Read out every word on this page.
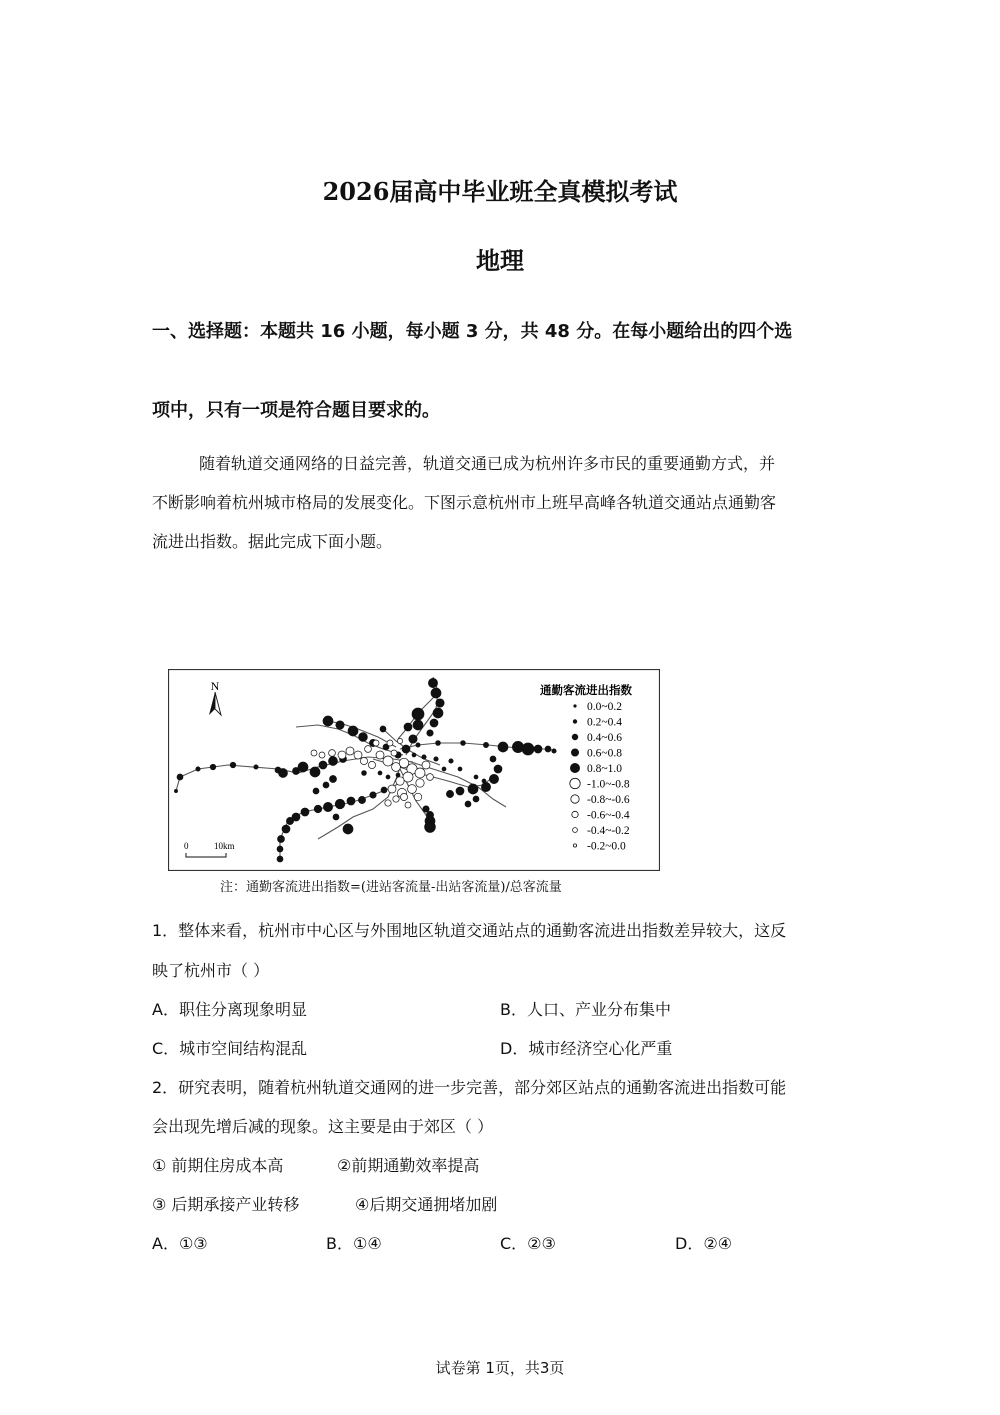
2026届高中毕业班全真模拟考试
地理
一、选择题：本题共 16 小题，每小题 3 分，共 48 分。在每小题给出的四个选
项中，只有一项是符合题目要求的。
随着轨道交通网络的日益完善，轨道交通已成为杭州许多市民的重要通勤方式，并
不断影响着杭州城市格局的发展变化。下图示意杭州市上班早高峰各轨道交通站点通勤客
流进出指数。据此完成下面小题。
N
0	10km
通勤客流进出指数
0.0~0.2
0.2~0.4
0.4~0.6
0.6~0.8
0.8~1.0
-1.0~-0.8
-0.8~-0.6
-0.6~-0.4
-0.4~-0.2
-0.2~0.0
注：通勤客流进出指数=(进站客流量-出站客流量)/总客流量
1．整体来看，杭州市中心区与外围地区轨道交通站点的通勤客流进出指数差异较大，这反
映了杭州市（ ）
A．职住分离现象明显	B．人口、产业分布集中
C．城市空间结构混乱	D．城市经济空心化严重
2．研究表明，随着杭州轨道交通网的进一步完善，部分郊区站点的通勤客流进出指数可能
会出现先增后减的现象。这主要是由于郊区（ ）
① 前期住房成本高	②前期通勤效率提高
③ 后期承接产业转移	④后期交通拥堵加剧
A．①③	B．①④	C．②③	D．②④
试卷第 1页，共3页
